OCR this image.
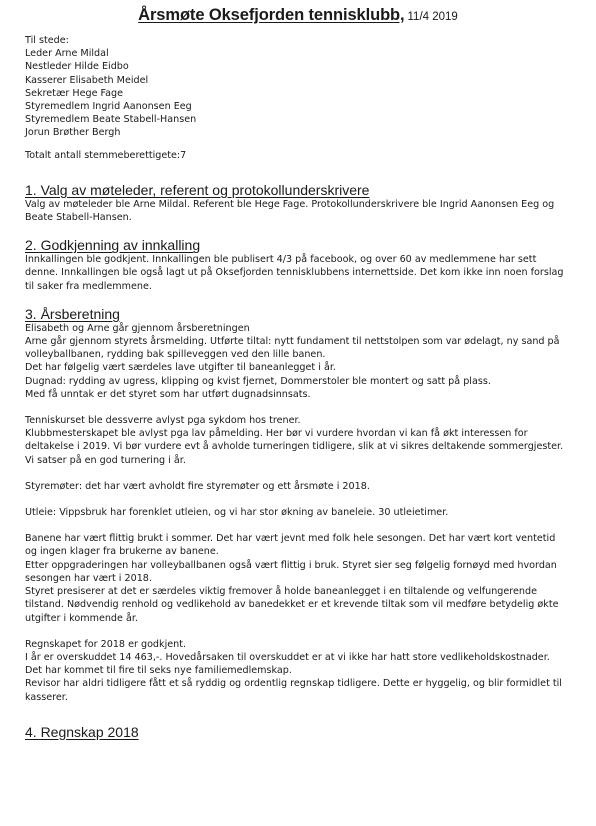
Årsmøte Oksefjorden tennisklubb, 11/4 2019
Til stede:
Leder Arne Mildal
Nestleder Hilde Eidbo
Kasserer Elisabeth Meidel
Sekretær Hege Fage
Styremedlem Ingrid Aanonsen Eeg
Styremedlem Beate Stabell-Hansen
Jorun Brøther Bergh
Totalt antall stemmeberettigete:7
1. Valg av møteleder, referent og protokollunderskrivere
Valg av møteleder ble Arne Mildal. Referent ble Hege Fage. Protokollunderskrivere ble Ingrid Aanonsen Eeg og
Beate Stabell-Hansen.
2. Godkjenning av innkalling
Innkallingen ble godkjent. Innkallingen ble publisert 4/3 på facebook, og over 60 av medlemmene har sett
denne. Innkallingen ble også lagt ut på Oksefjorden tennisklubbens internettside. Det kom ikke inn noen forslag
til saker fra medlemmene.
3. Årsberetning
Elisabeth og Arne går gjennom årsberetningen
Arne går gjennom styrets årsmelding. Utførte tiltal: nytt fundament til nettstolpen som var ødelagt, ny sand på
volleyballbanen, rydding bak spilleveggen ved den lille banen.
Det har følgelig vært særdeles lave utgifter til baneanlegget i år.
Dugnad: rydding av ugress, klipping og kvist fjernet, Dommerstoler ble montert og satt på plass.
Med få unntak er det styret som har utført dugnadsinnsats.
Tenniskurset ble dessverre avlyst pga sykdom hos trener.
Klubbmesterskapet ble avlyst pga lav påmelding. Her bør vi vurdere hvordan vi kan få økt interessen for
deltakelse i 2019. Vi bør vurdere evt å avholde turneringen tidligere, slik at vi sikres deltakende sommergjester.
Vi satser på en god turnering i år.
Styremøter: det har vært avholdt fire styremøter og ett årsmøte i 2018.
Utleie: Vippsbruk har forenklet utleien, og vi har stor økning av baneleie. 30 utleietimer.
Banene har vært flittig brukt i sommer. Det har vært jevnt med folk hele sesongen. Det har vært kort ventetid
og ingen klager fra brukerne av banene.
Etter oppgraderingen har volleyballbanen også vært flittig i bruk. Styret sier seg følgelig fornøyd med hvordan
sesongen har vært i 2018.
Styret presiserer at det er særdeles viktig fremover å holde baneanlegget i en tiltalende og velfungerende
tilstand. Nødvendig renhold og vedlikehold av banedekket er et krevende tiltak som vil medføre betydelig økte
utgifter i kommende år.
Regnskapet for 2018 er godkjent.
I år er overskuddet 14 463,-. Hovedårsaken til overskuddet er at vi ikke har hatt store vedlikeholdskostnader.
Det har kommet til fire til seks nye familiemedlemskap.
Revisor har aldri tidligere fått et så ryddig og ordentlig regnskap tidligere. Dette er hyggelig, og blir formidlet til
kasserer.
4. Regnskap 2018
